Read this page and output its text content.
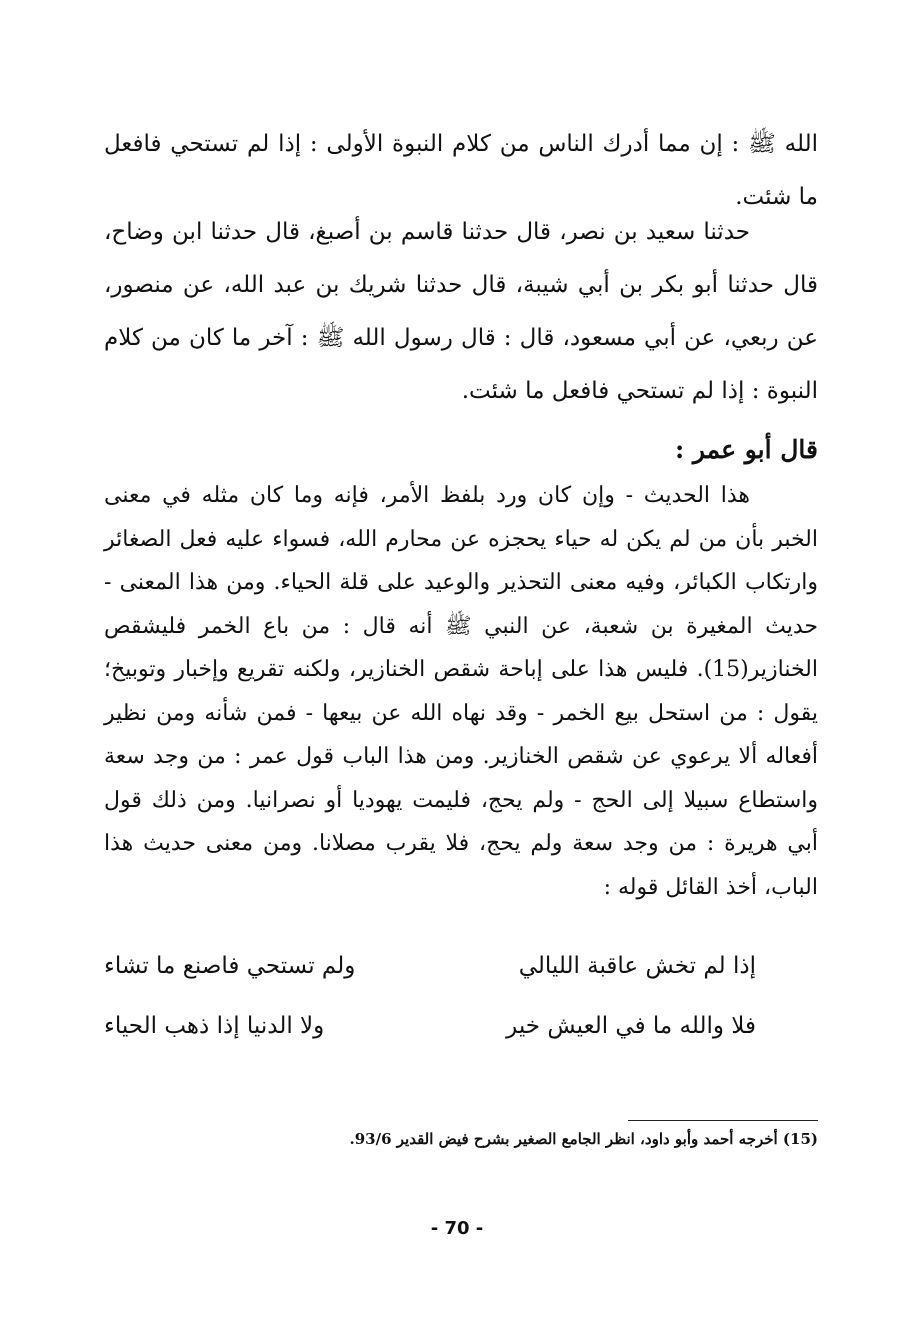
الله ﷺ : إن مما أدرك الناس من كلام النبوة الأولى : إذا لم تستحي فافعل ما شئت.
حدثنا سعيد بن نصر، قال حدثنا قاسم بن أصبغ، قال حدثنا ابن وضاح، قال حدثنا أبو بكر بن أبي شيبة، قال حدثنا شريك بن عبد الله، عن منصور، عن ربعي، عن أبي مسعود، قال : قال رسول الله ﷺ : آخر ما كان من كلام النبوة : إذا لم تستحي فافعل ما شئت.
قال أبو عمر :
هذا الحديث - وإن كان ورد بلفظ الأمر، فإنه وما كان مثله في معنى الخبر بأن من لم يكن له حياء يحجزه عن محارم الله، فسواء عليه فعل الصغائر وارتكاب الكبائر، وفيه معنى التحذير والوعيد على قلة الحياء. ومن هذا المعنى - حديث المغيرة بن شعبة، عن النبي ﷺ أنه قال : من باع الخمر فليشقص الخنازير(15). فليس هذا على إباحة شقص الخنازير، ولكنه تقريع وإخبار وتوبيخ؛ يقول : من استحل بيع الخمر - وقد نهاه الله عن بيعها - فمن شأنه ومن نظير أفعاله ألا يرعوي عن شقص الخنازير. ومن هذا الباب قول عمر : من وجد سعة واستطاع سبيلا إلى الحج - ولم يحج، فليمت يهوديا أو نصرانيا. ومن ذلك قول أبي هريرة : من وجد سعة ولم يحج، فلا يقرب مصلانا. ومن معنى حديث هذا الباب، أخذ القائل قوله :
إذا لم تخش عاقبة الليالي
ولم تستحي فاصنع ما تشاء
فلا والله ما في العيش خير
ولا الدنيا إذا ذهب الحياء
(15) أخرجه أحمد وأبو داود، انظر الجامع الصغير بشرح فيض القدير 93/6.
- 70 -
